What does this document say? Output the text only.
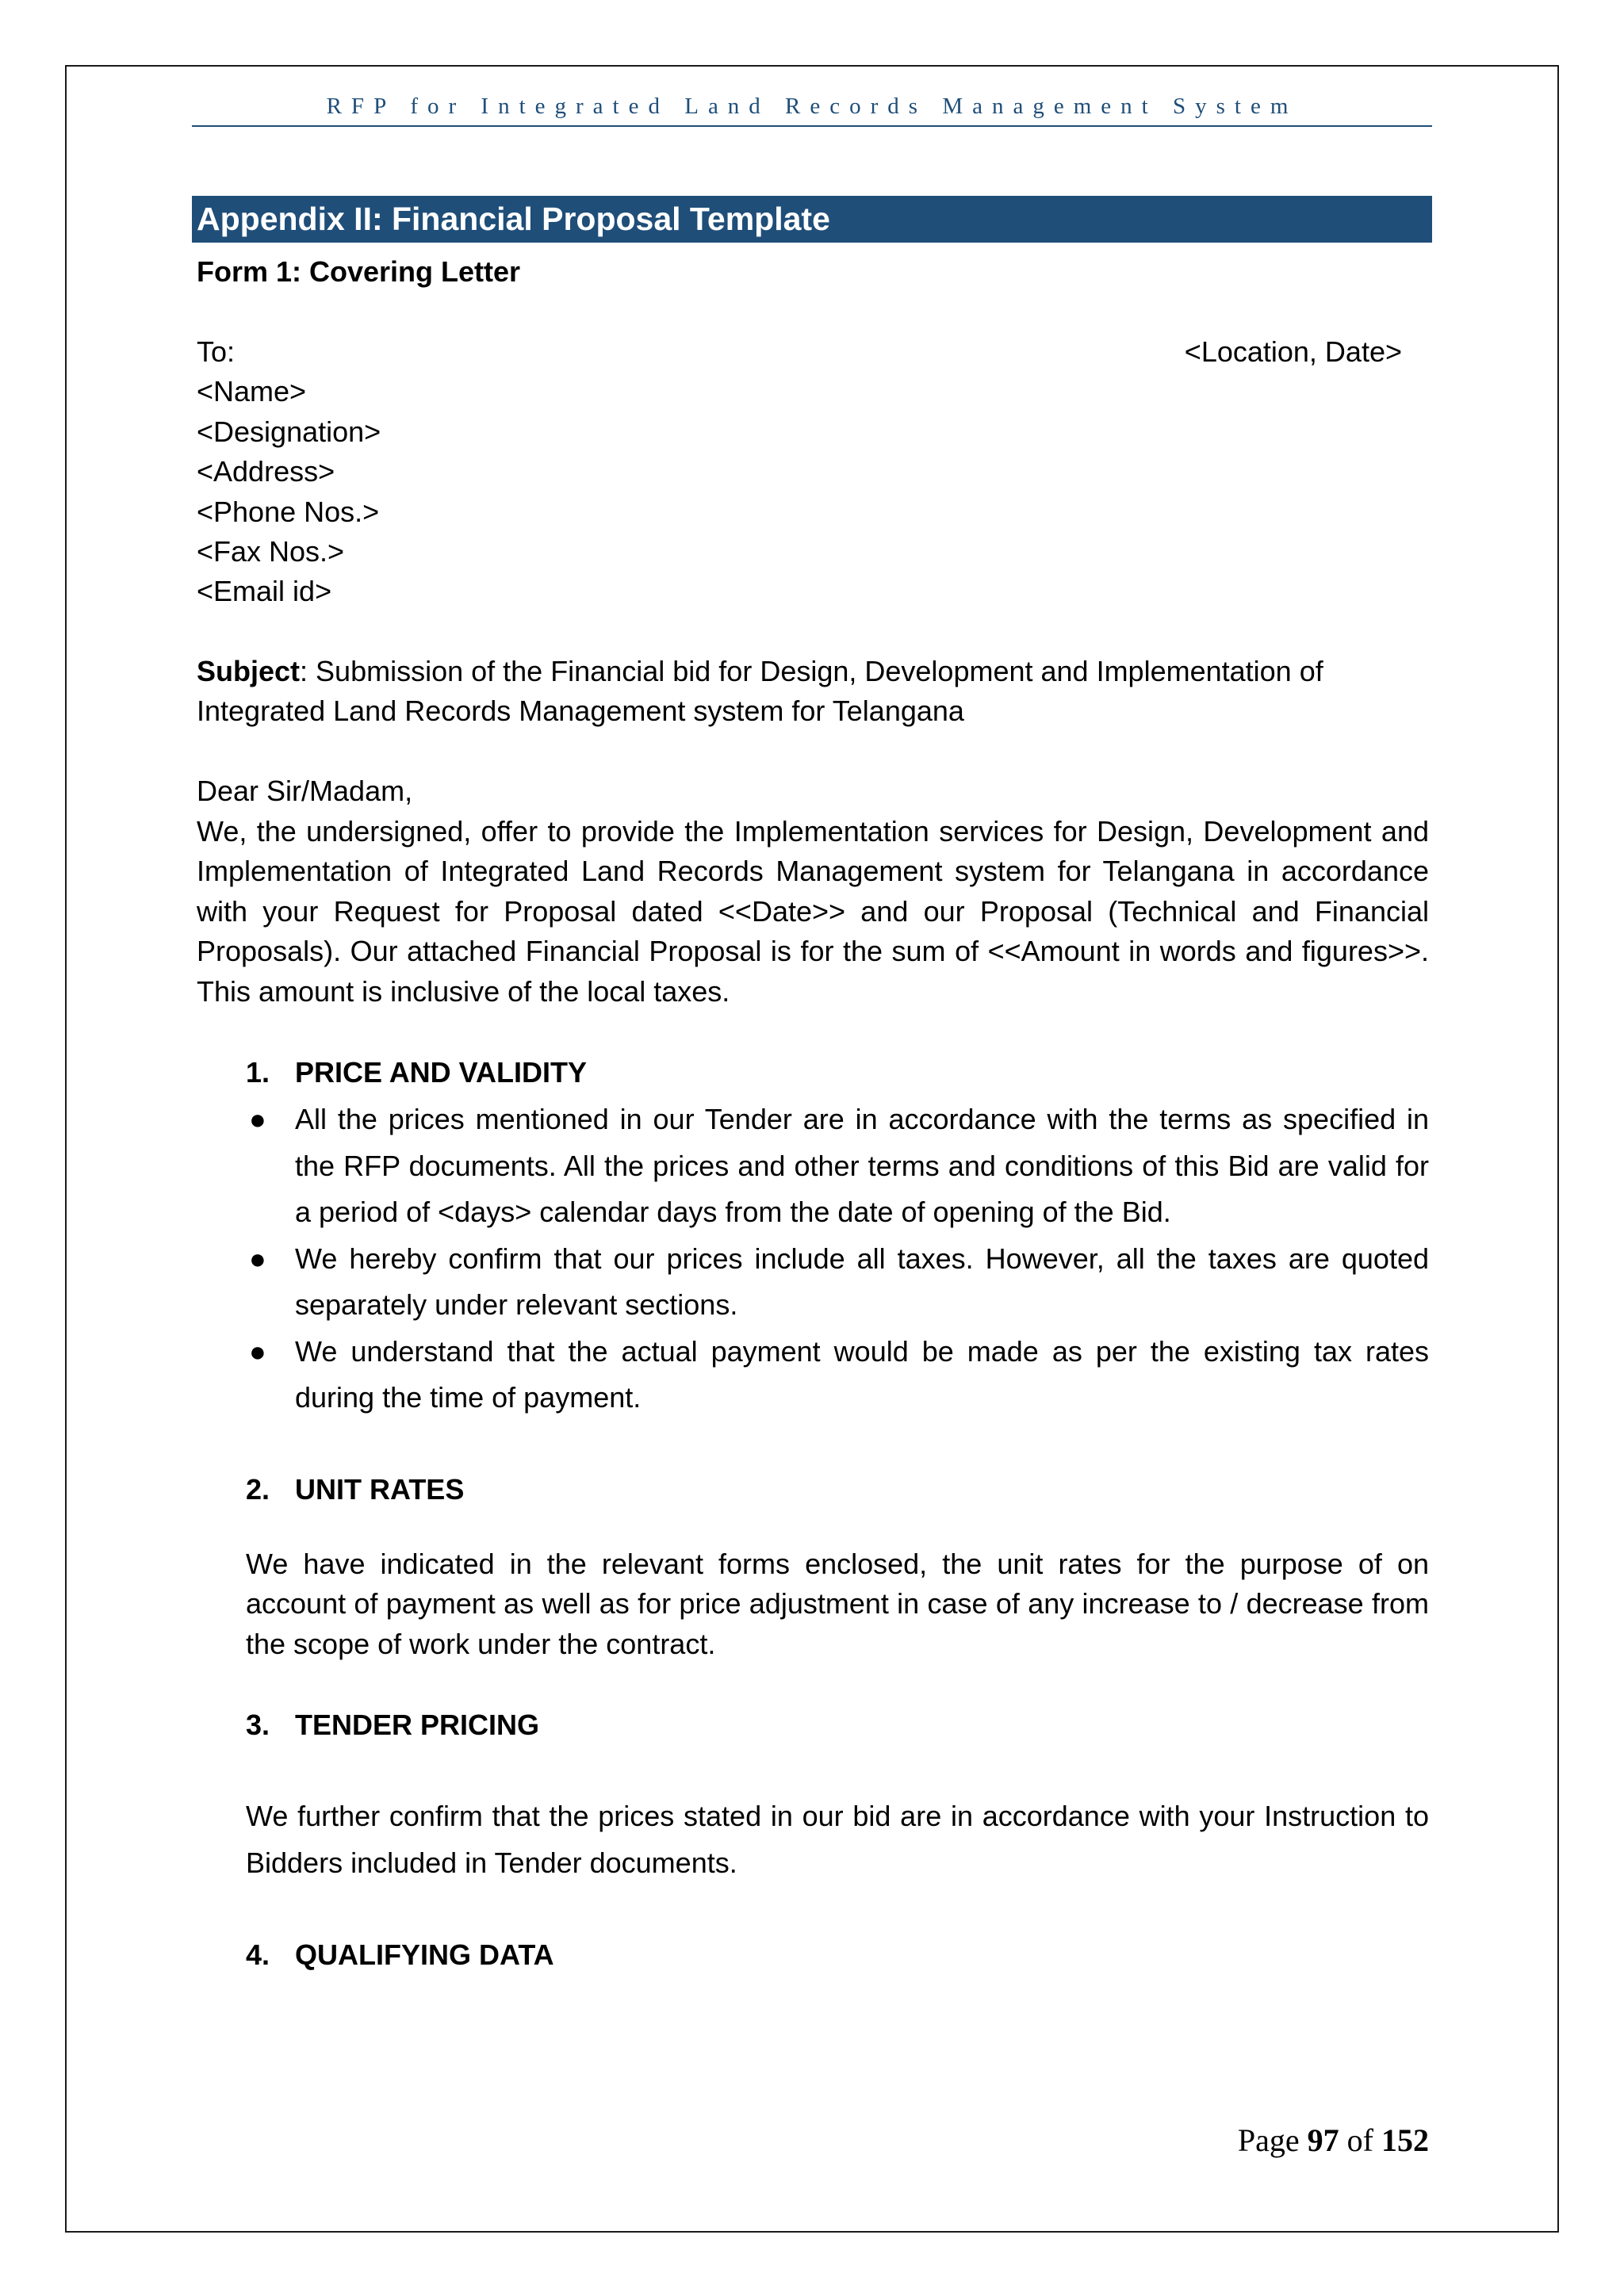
RFP for Integrated Land Records Management System
Appendix II: Financial Proposal Template
Form 1: Covering Letter
To:	<Location, Date>
<Name>
<Designation>
<Address>
<Phone Nos.>
<Fax Nos.>
<Email id>
Subject: Submission of the Financial bid for Design, Development and Implementation of Integrated Land Records Management system for Telangana
Dear Sir/Madam,
We, the undersigned, offer to provide the Implementation services for Design, Development and Implementation of Integrated Land Records Management system for Telangana in accordance with your Request for Proposal dated <<Date>> and our Proposal (Technical and Financial Proposals). Our attached Financial Proposal is for the sum of <<Amount in words and figures>>. This amount is inclusive of the local taxes.
1. PRICE AND VALIDITY
● All the prices mentioned in our Tender are in accordance with the terms as specified in the RFP documents. All the prices and other terms and conditions of this Bid are valid for a period of <days> calendar days from the date of opening of the Bid.
● We hereby confirm that our prices include all taxes. However, all the taxes are quoted separately under relevant sections.
● We understand that the actual payment would be made as per the existing tax rates during the time of payment.
2. UNIT RATES
We have indicated in the relevant forms enclosed, the unit rates for the purpose of on account of payment as well as for price adjustment in case of any increase to / decrease from the scope of work under the contract.
3. TENDER PRICING
We further confirm that the prices stated in our bid are in accordance with your Instruction to Bidders included in Tender documents.
4. QUALIFYING DATA
Page 97 of 152
